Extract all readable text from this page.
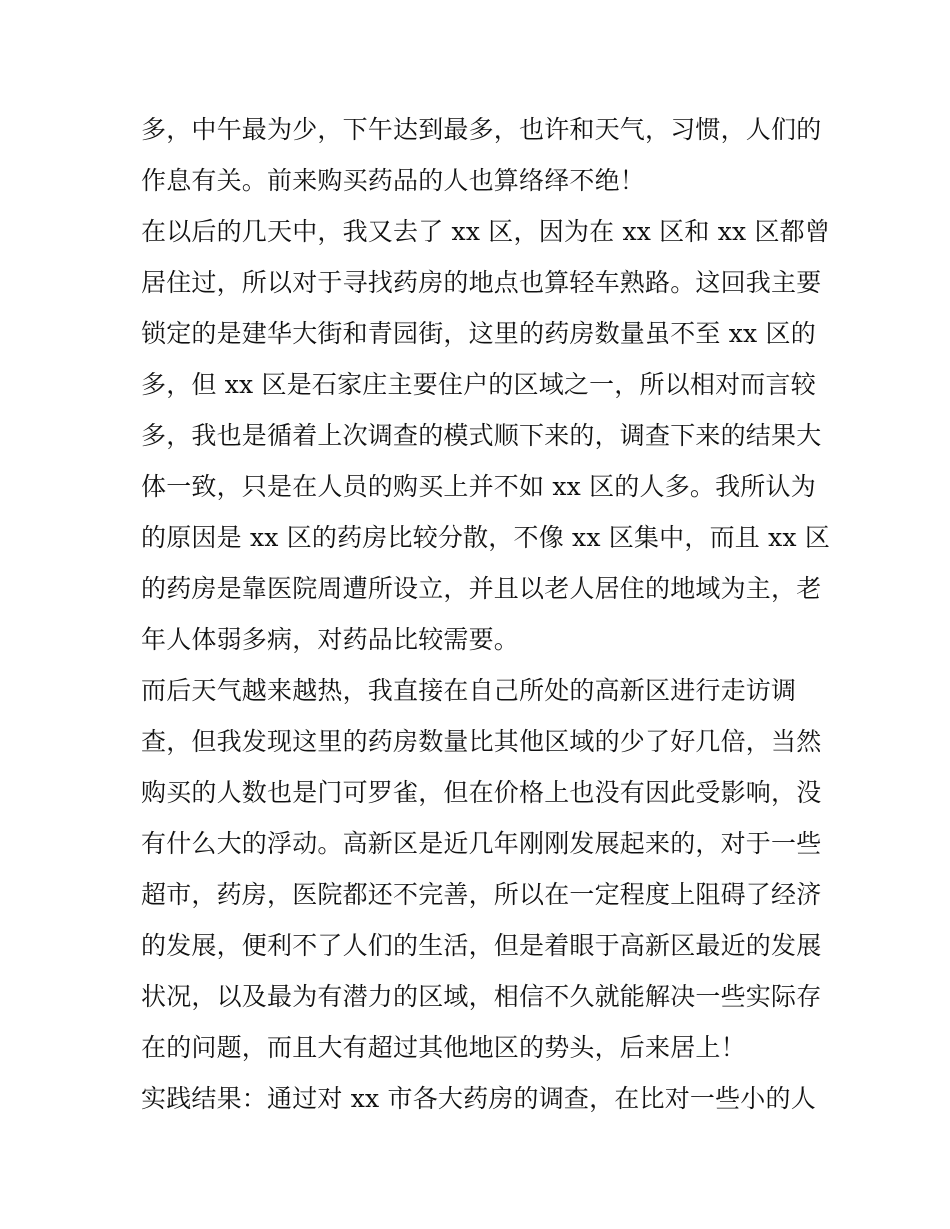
多，中午最为少，下午达到最多，也许和天气，习惯，人们的
作息有关。前来购买药品的人也算络绎不绝！
在以后的几天中，我又去了 xx 区，因为在 xx 区和 xx 区都曾
居住过，所以对于寻找药房的地点也算轻车熟路。这回我主要
锁定的是建华大街和青园街，这里的药房数量虽不至 xx 区的
多，但 xx 区是石家庄主要住户的区域之一，所以相对而言较
多，我也是循着上次调查的模式顺下来的，调查下来的结果大
体一致，只是在人员的购买上并不如 xx 区的人多。我所认为
的原因是 xx 区的药房比较分散，不像 xx 区集中，而且 xx 区
的药房是靠医院周遭所设立，并且以老人居住的地域为主，老
年人体弱多病，对药品比较需要。
而后天气越来越热，我直接在自己所处的高新区进行走访调
查，但我发现这里的药房数量比其他区域的少了好几倍，当然
购买的人数也是门可罗雀，但在价格上也没有因此受影响，没
有什么大的浮动。高新区是近几年刚刚发展起来的，对于一些
超市，药房，医院都还不完善，所以在一定程度上阻碍了经济
的发展，便利不了人们的生活，但是着眼于高新区最近的发展
状况，以及最为有潜力的区域，相信不久就能解决一些实际存
在的问题，而且大有超过其他地区的势头，后来居上！
实践结果：通过对 xx 市各大药房的调查，在比对一些小的人
